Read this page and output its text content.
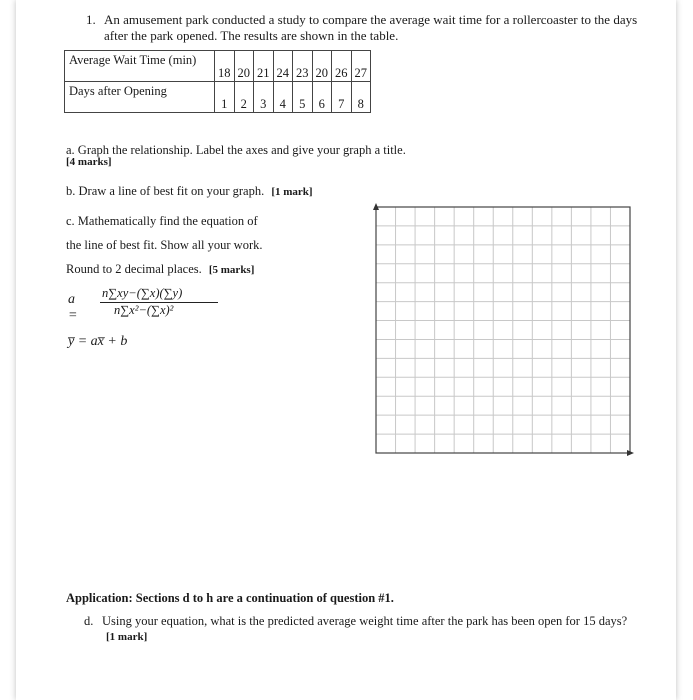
1. An amusement park conducted a study to compare the average wait time for a rollercoaster to the days after the park opened. The results are shown in the table.
Average Wait Time (min)	18	20	21	24	23	20	26	27
Days after Opening	1	2	3	4	5	6	7	8
a. Graph the relationship. Label the axes and give your graph a title.
[4 marks]
b. Draw a line of best fit on your graph. [1 mark]
c. Mathematically find the equation of
the line of best fit. Show all your work.
Round to 2 decimal places. [5 marks]
a =
n∑xy−(∑x)(∑y)
n∑x²−(∑x)²
y̅ = ax̅ + b
Application: Sections d to h are a continuation of question #1.
d. Using your equation, what is the predicted average weight time after the park has been open for 15 days? [1 mark]
